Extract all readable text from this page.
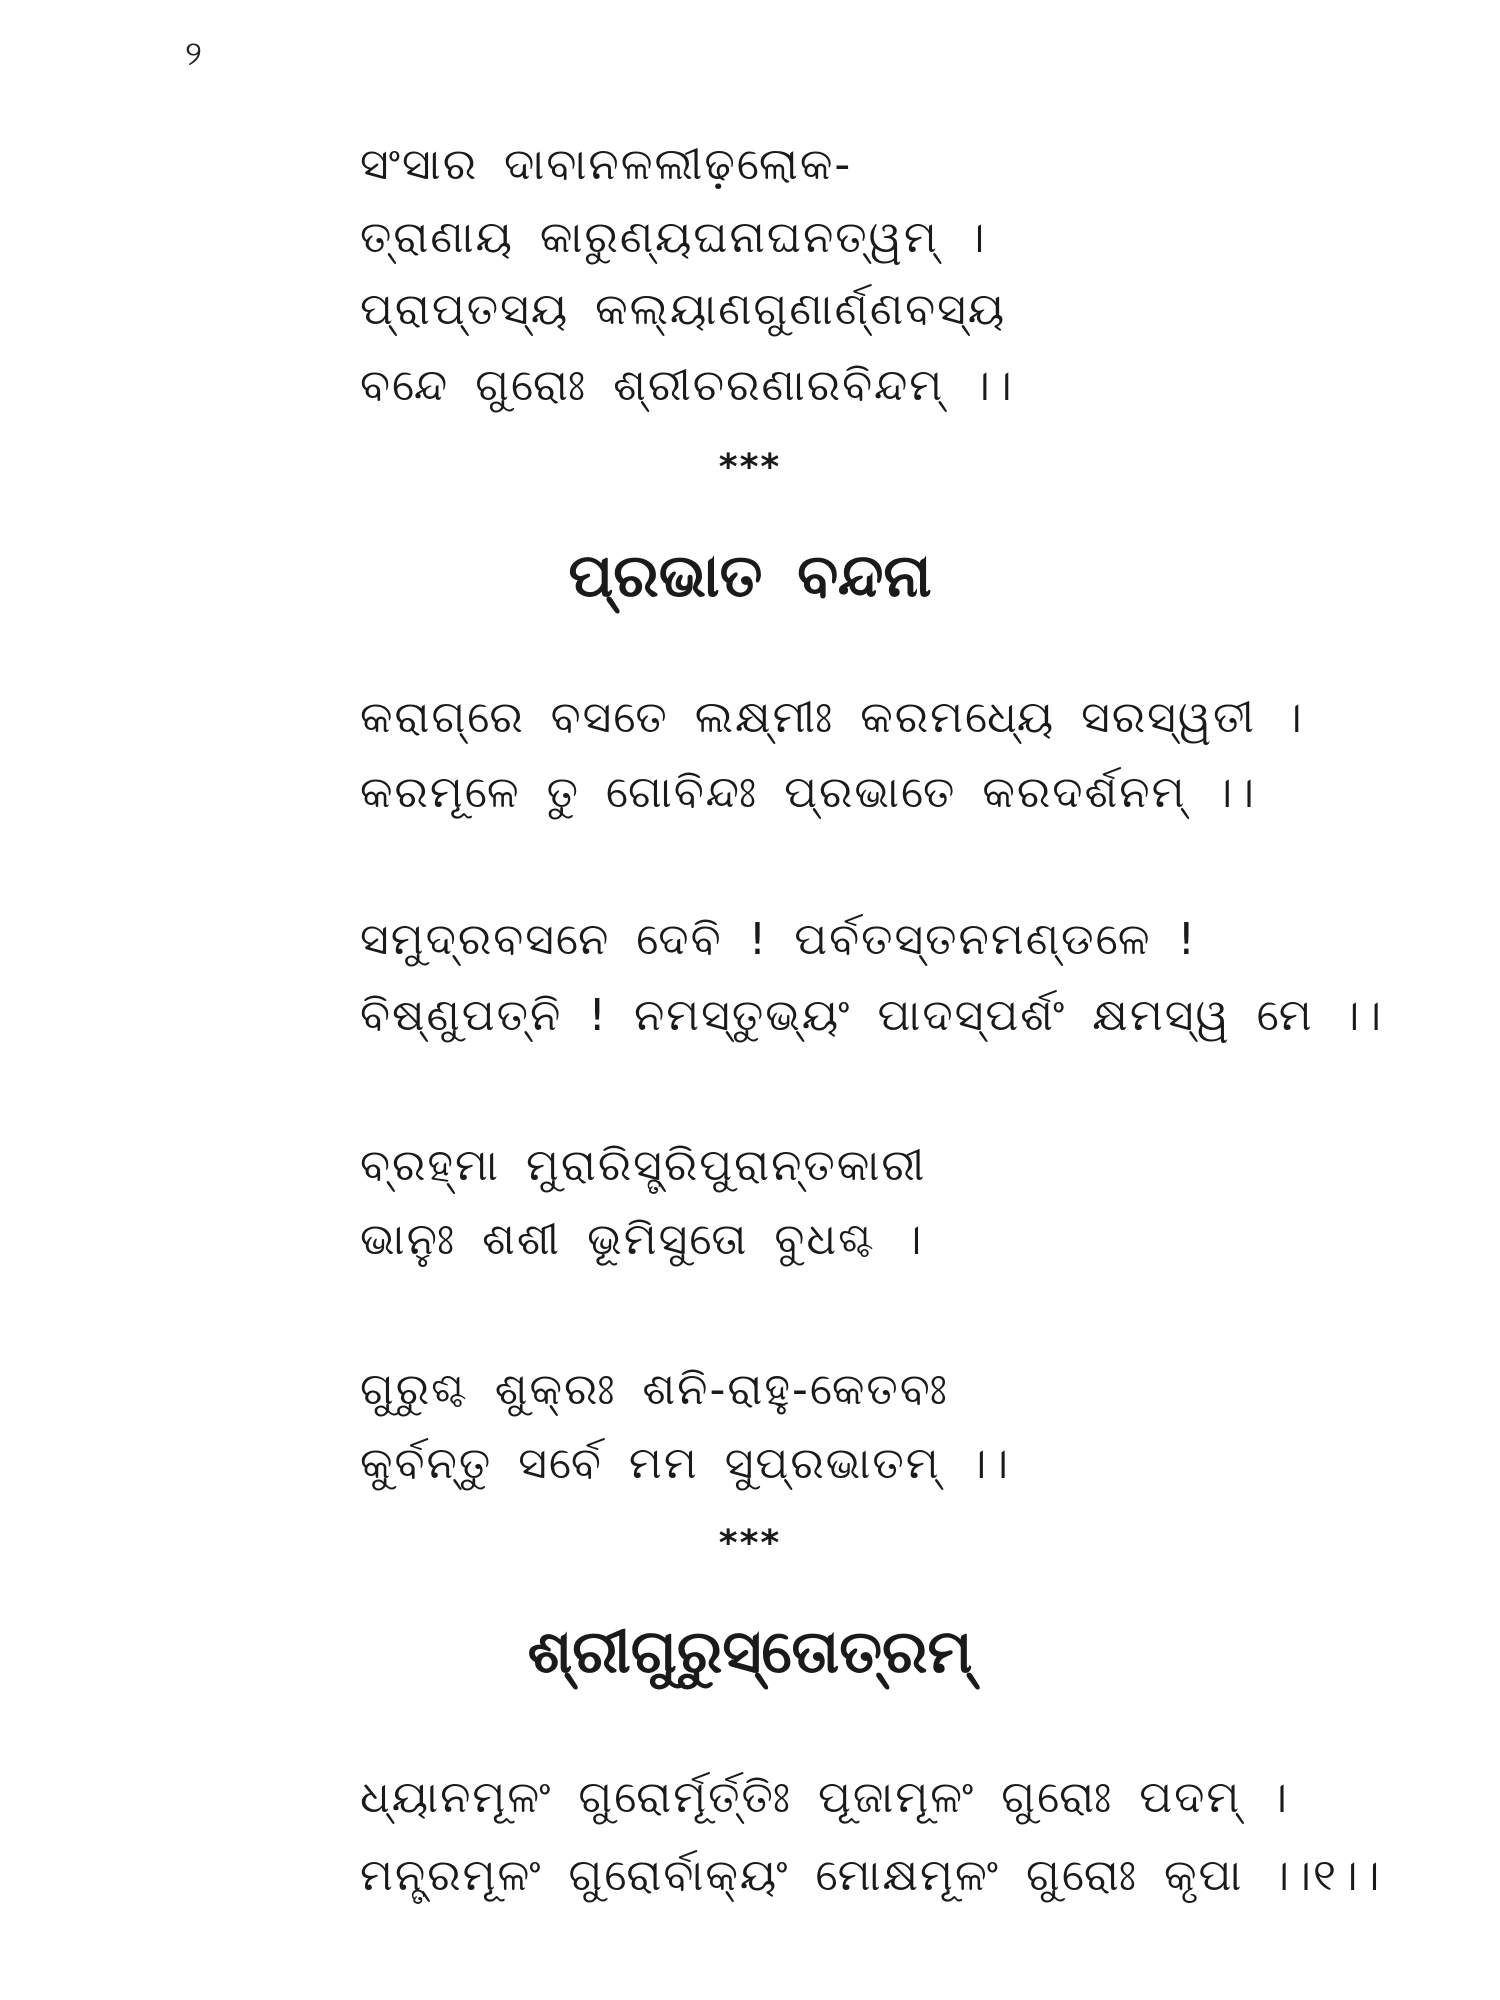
୨
ସଂସାର ଦାବାନଳଲୀଢ଼ଲୋକ-
ତ୍ରାଣାୟ କାରୁଣ୍ୟଘନାଘନତ୍ୱମ୍ ।
ପ୍ରାପ୍ତସ୍ୟ କଲ୍ୟାଣଗୁଣାର୍ଣ୍ଣବସ୍ୟ
ବନ୍ଦେ ଗୁରୋଃ ଶ୍ରୀଚରଣାରବିନ୍ଦମ୍ ।।
***
ପ୍ରଭାତ ବନ୍ଦନା
କରାଗ୍ରେ ବସତେ ଲକ୍ଷ୍ମୀଃ କରମଧ୍ୟେ ସରସ୍ୱତୀ ।
କରମୂଳେ ତୁ ଗୋବିନ୍ଦଃ ପ୍ରଭାତେ କରଦର୍ଶନମ୍ ।।
ସମୁଦ୍ରବସନେ ଦେବି ! ପର୍ବତସ୍ତନମଣ୍ଡଳେ !
ବିଷ୍ଣୁପତ୍ନି ! ନମସ୍ତୁଭ୍ୟଂ ପାଦସ୍ପର୍ଶଂ କ୍ଷମସ୍ୱ ମେ ।।
ବ୍ରହ୍ମା ମୁରାରିସ୍ତ୍ରିପୁରାନ୍ତକାରୀ
ଭାନୁଃ ଶଶୀ ଭୂମିସୁତୋ ବୁଧଶ୍ଚ ।
ଗୁରୁଶ୍ଚ ଶୁକ୍ରଃ ଶନି-ରାହୁ-କେତବଃ
କୁର୍ବନ୍ତୁ ସର୍ବେ ମମ ସୁପ୍ରଭାତମ୍ ।।
***
ଶ୍ରୀଗୁରୁସ୍ତୋତ୍ରମ୍
ଧ୍ୟାନମୂଳଂ ଗୁରୋର୍ମୂର୍ତ୍ତିଃ ପୂଜାମୂଳଂ ଗୁରୋଃ ପଦମ୍ ।
ମନ୍ତ୍ରମୂଳଂ ଗୁରୋର୍ବାକ୍ୟଂ ମୋକ୍ଷମୂଳଂ ଗୁରୋଃ କୃପା ।।୧।।
